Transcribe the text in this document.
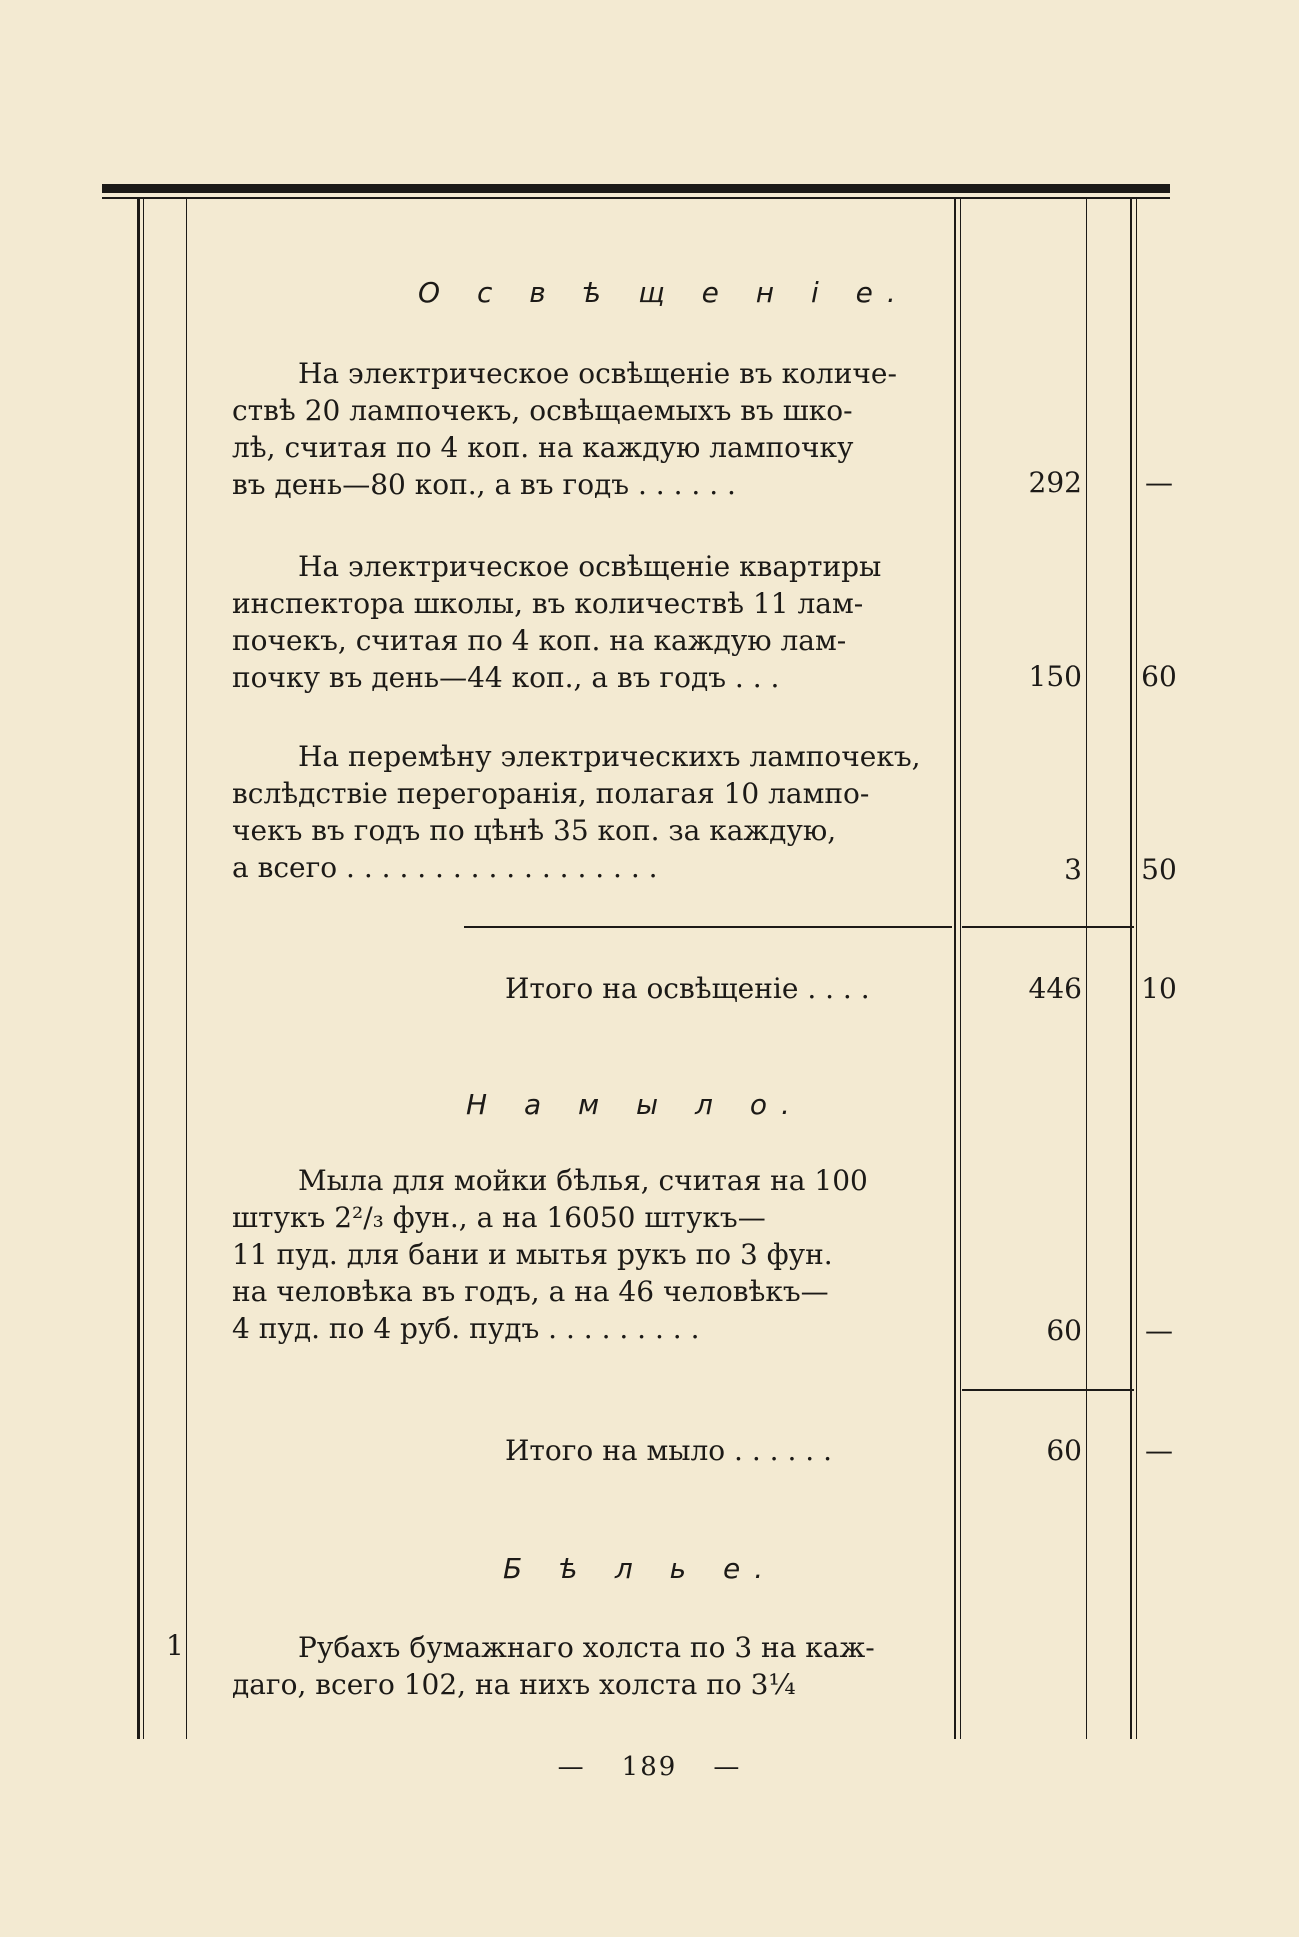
О с в ѣ щ е н і е.
На электрическое освѣщеніе въ количе-
ствѣ 20 лампочекъ, освѣщаемыхъ въ шко-
лѣ, считая по 4 коп. на каждую лампочку
въ день—80 коп., а въ годъ . . . . . .	292	—
На электрическое освѣщеніе квартиры
инспектора школы, въ количествѣ 11 лам-
почекъ, считая по 4 коп. на каждую лам-
почку въ день—44 коп., а въ годъ . . .	150 60
На перемѣну электрическихъ лампочекъ,
вслѣдствіе перегоранія, полагая 10 лампо-
чекъ въ годъ по цѣнѣ 35 коп. за каждую,
а всего . . . . . . . . . . . . . . . . . .	3 50
Итого на освѣщеніе . . . .	446 10
Н а м ы л о.
Мыла для мойки бѣлья, считая на 100
штукъ 2²/₃ фун., а на 16050 штукъ—
11 пуд. для бани и мытья рукъ по 3 фун.
на человѣка въ годъ, а на 46 человѣкъ—
4 пуд. по 4 руб. пудъ . . . . . . . . .	60	—
Итого на мыло . . . . . .	60	—
Б ѣ л ь е.
1	Рубахъ бумажнаго холста по 3 на каж-
даго, всего 102, на нихъ холста по 3¼
— 189 —
